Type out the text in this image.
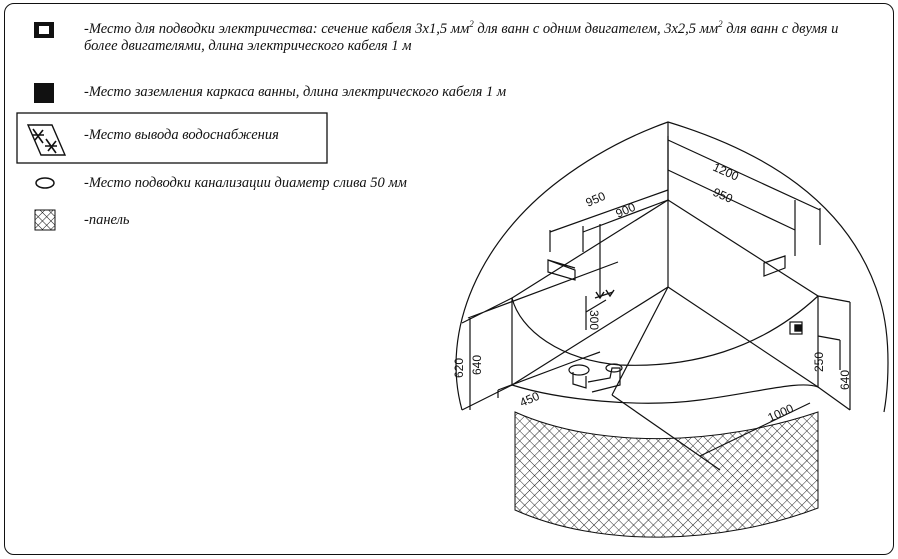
-Место для подводки электричества: сечение кабеля 3х1,5 $мм^2$ для ванн с одним двигателем, 3х2,5 $мм^2$ для ванн с двумя и
более двигателями, длина электрического кабеля 1 м
-Место заземления каркаса ванны, длина электрического кабеля 1 м
-Место вывода водоснабжения
-Место подводки канализации диаметр слива 50 мм
-панель
1200
950	950
900
300
620 640
450
1000
250
640
